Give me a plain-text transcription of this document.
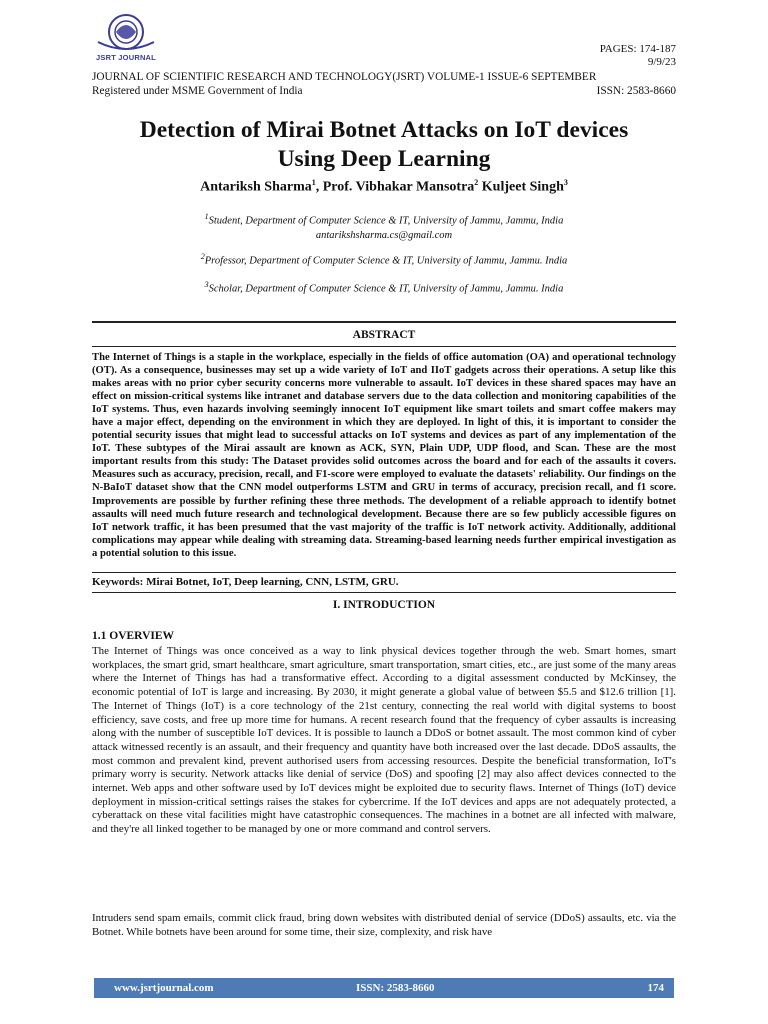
JSRT JOURNAL
PAGES: 174-187
9/9/23
JOURNAL OF SCIENTIFIC RESEARCH AND TECHNOLOGY(JSRT) VOLUME-1 ISSUE-6 SEPTEMBER
Registered under MSME Government of India	ISSN: 2583-8660
Detection of Mirai Botnet Attacks on IoT devices
Using Deep Learning
Antariksh Sharma$^1$, Prof. Vibhakar Mansotra$^2$ Kuljeet Singh$^3$
$^1$Student, Department of Computer Science & IT, University of Jammu, Jammu, India
antarikshsharma.cs@gmail.com
$^2$Professor, Department of Computer Science & IT, University of Jammu, Jammu. India
$^3$Scholar, Department of Computer Science & IT, University of Jammu, Jammu. India
ABSTRACT
The Internet of Things is a staple in the workplace, especially in the fields of office automation (OA) and operational technology (OT). As a consequence, businesses may set up a wide variety of IoT and IIoT gadgets across their operations. A setup like this makes areas with no prior cyber security concerns more vulnerable to assault. IoT devices in these shared spaces may have an effect on mission-critical systems like intranet and database servers due to the data collection and monitoring capabilities of the IoT systems. Thus, even hazards involving seemingly innocent IoT equipment like smart toilets and smart coffee makers may have a major effect, depending on the environment in which they are deployed. In light of this, it is important to consider the potential security issues that might lead to successful attacks on IoT systems and devices as part of any implementation of the IoT. These subtypes of the Mirai assault are known as ACK, SYN, Plain UDP, UDP flood, and Scan. These are the most important results from this study: The Dataset provides solid outcomes across the board and for each of the assaults it covers. Measures such as accuracy, precision, recall, and F1-score were employed to evaluate the datasets' reliability. Our findings on the N-BaIoT dataset show that the CNN model outperforms LSTM and GRU in terms of accuracy, precision recall, and f1 score. Improvements are possible by further refining these three methods. The development of a reliable approach to identify botnet assaults will need much future research and technological development. Because there are so few publicly accessible figures on IoT network traffic, it has been presumed that the vast majority of the traffic is IoT network activity. Additionally, additional complications may appear while dealing with streaming data. Streaming-based learning needs further empirical investigation as a potential solution to this issue.
Keywords: Mirai Botnet, IoT, Deep learning, CNN, LSTM, GRU.
I. INTRODUCTION
1.1 OVERVIEW
The Internet of Things was once conceived as a way to link physical devices together through the web. Smart homes, smart workplaces, the smart grid, smart healthcare, smart agriculture, smart transportation, smart cities, etc., are just some of the many areas where the Internet of Things has had a transformative effect. According to a digital assessment conducted by McKinsey, the economic potential of IoT is large and increasing. By 2030, it might generate a global value of between $5.5 and $12.6 trillion [1]. The Internet of Things (IoT) is a core technology of the 21st century, connecting the real world with digital systems to boost efficiency, save costs, and free up more time for humans. A recent research found that the frequency of cyber assaults is increasing along with the number of susceptible IoT devices. It is possible to launch a DDoS or botnet assault. The most common kind of cyber attack witnessed recently is an assault, and their frequency and quantity have both increased over the last decade. DDoS assaults, the most common and prevalent kind, prevent authorised users from accessing resources. Despite the beneficial transformation, IoT's primary worry is security. Network attacks like denial of service (DoS) and spoofing [2] may also affect devices connected to the internet. Web apps and other software used by IoT devices might be exploited due to security flaws. Internet of Things (IoT) device deployment in mission-critical settings raises the stakes for cybercrime. If the IoT devices and apps are not adequately protected, a cyberattack on these vital facilities might have catastrophic consequences. The machines in a botnet are all infected with malware, and they're all linked together to be managed by one or more command and control servers.
Intruders send spam emails, commit click fraud, bring down websites with distributed denial of service (DDoS) assaults, etc. via the Botnet. While botnets have been around for some time, their size, complexity, and risk have
www.jsrtjournal.com	ISSN: 2583-8660	174
